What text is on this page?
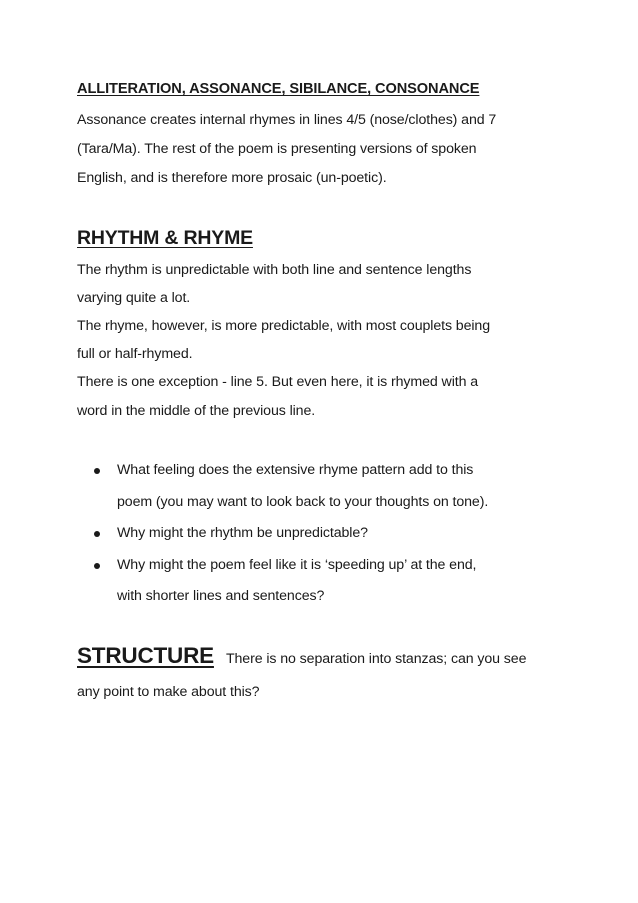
ALLITERATION, ASSONANCE, SIBILANCE, CONSONANCE
Assonance creates internal rhymes in lines 4/5 (nose/clothes) and 7
(Tara/Ma). The rest of the poem is presenting versions of spoken
English, and is therefore more prosaic (un-poetic).
RHYTHM & RHYME
The rhythm is unpredictable with both line and sentence lengths
varying quite a lot.
The rhyme, however, is more predictable, with most couplets being
full or half-rhymed.
There is one exception - line 5. But even here, it is rhymed with a
word in the middle of the previous line.
What feeling does the extensive rhyme pattern add to this
poem (you may want to look back to your thoughts on tone).
Why might the rhythm be unpredictable?
Why might the poem feel like it is ‘speeding up’ at the end,
with shorter lines and sentences?
STRUCTURE There is no separation into stanzas; can you see
any point to make about this?
